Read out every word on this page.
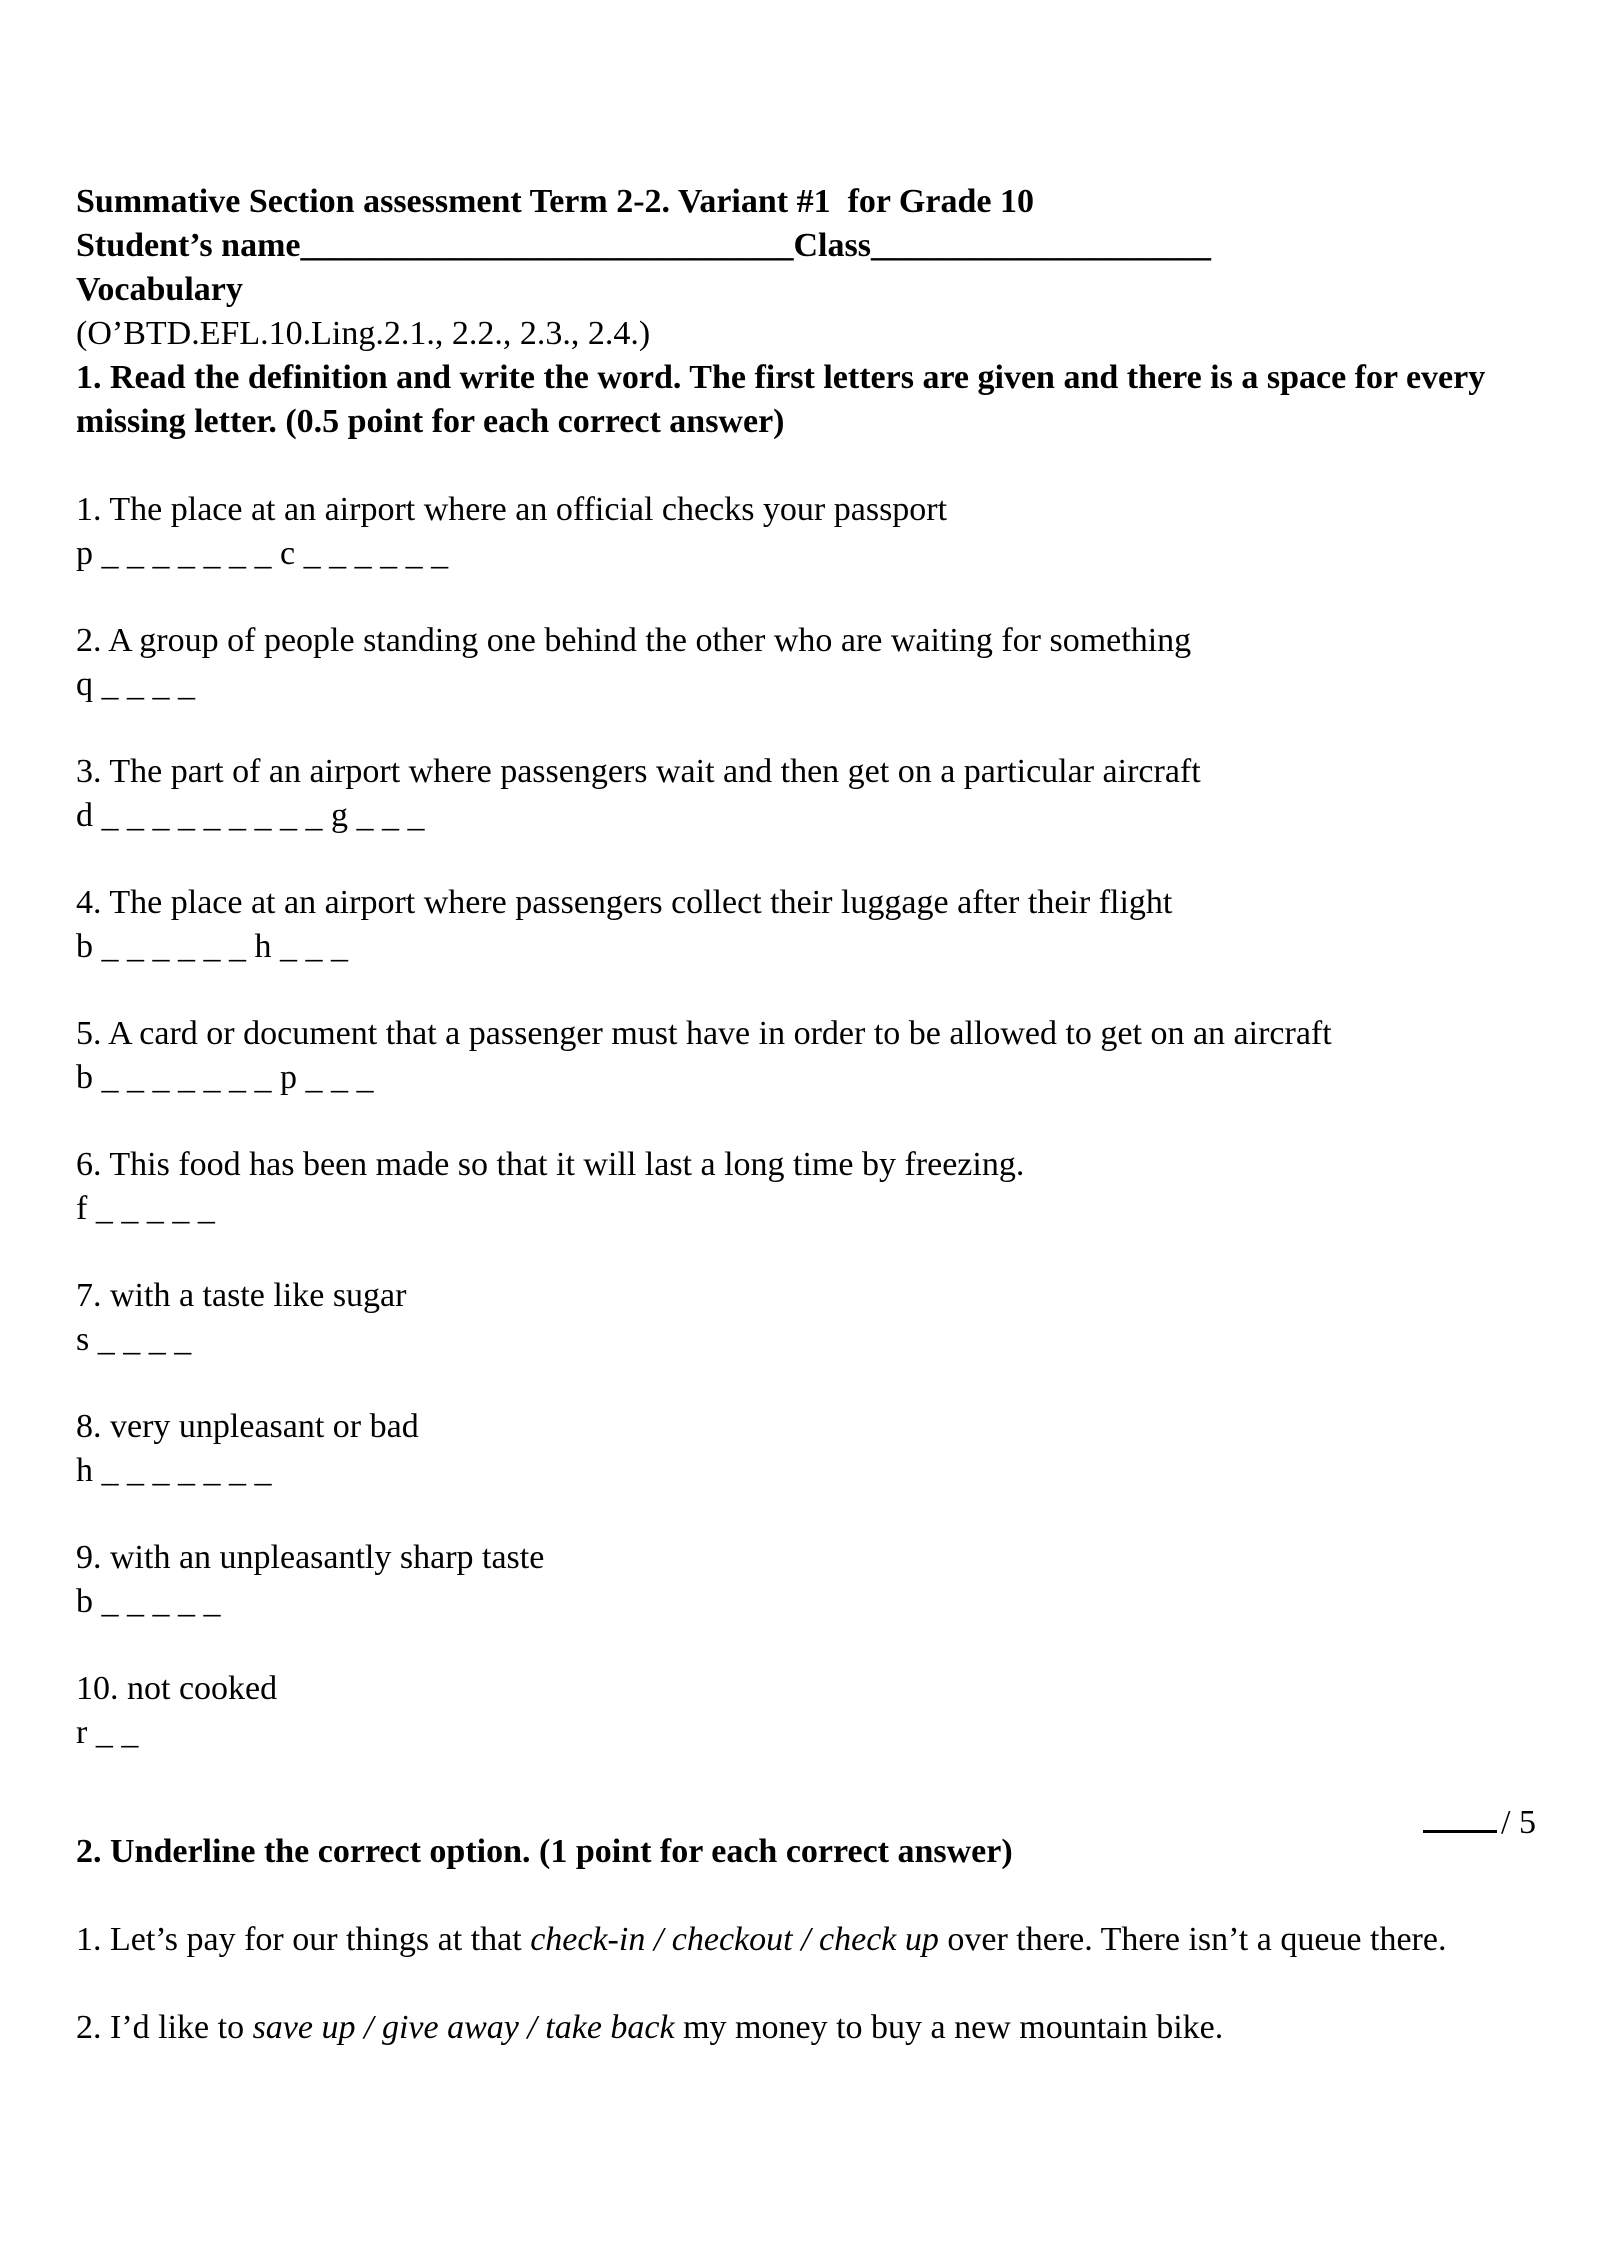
Summative Section assessment Term 2-2. Variant #1  for Grade 10
Student’s name_____________________________Class____________________
Vocabulary
(O’BTD.EFL.10.Ling.2.1., 2.2., 2.3., 2.4.)
1. Read the definition and write the word. The first letters are given and there is a space for every missing letter. (0.5 point for each correct answer)
1. The place at an airport where an official checks your passport
p _ _ _ _ _ _ _ c _ _ _ _ _ _
2. A group of people standing one behind the other who are waiting for something
q _ _ _ _
3. The part of an airport where passengers wait and then get on a particular aircraft
d _ _ _ _ _ _ _ _ _ g _ _ _
4. The place at an airport where passengers collect their luggage after their flight
b _ _ _ _ _ _ h _ _ _
5. A card or document that a passenger must have in order to be allowed to get on an aircraft
b _ _ _ _ _ _ _ p _ _ _
6. This food has been made so that it will last a long time by freezing.
f _ _ _ _ _
7. with a taste like sugar
s _ _ _ _
8. very unpleasant or bad
h _ _ _ _ _ _ _
9. with an unpleasantly sharp taste
b _ _ _ _ _
10. not cooked
r _ _
/ 5
2. Underline the correct option. (1 point for each correct answer)
1. Let’s pay for our things at that check-in / checkout / check up over there. There isn’t a queue there.
2. I’d like to save up / give away / take back my money to buy a new mountain bike.
